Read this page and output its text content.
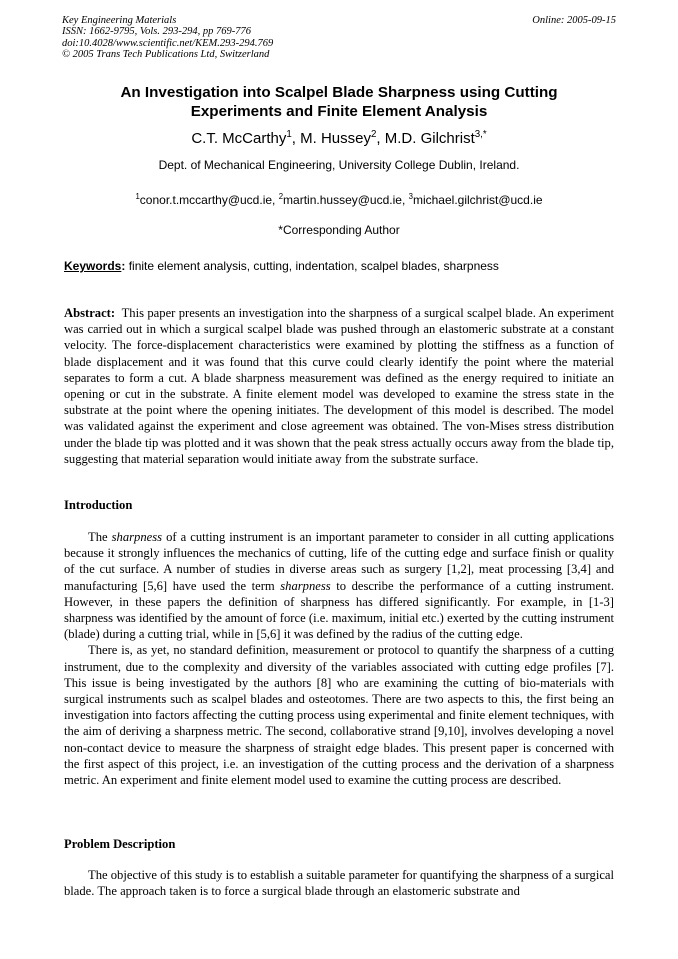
Key Engineering Materials
ISSN: 1662-9795, Vols. 293-294, pp 769-776
doi:10.4028/www.scientific.net/KEM.293-294.769
© 2005 Trans Tech Publications Ltd, Switzerland
Online: 2005-09-15
An Investigation into Scalpel Blade Sharpness using Cutting
Experiments and Finite Element Analysis
C.T. McCarthy$^1$, M. Hussey$^2$, M.D. Gilchrist$^{3,*}$
Dept. of Mechanical Engineering, University College Dublin, Ireland.
$^1$conor.t.mccarthy@ucd.ie, $^2$martin.hussey@ucd.ie, $^3$michael.gilchrist@ucd.ie
*Corresponding Author
Keywords: finite element analysis, cutting, indentation, scalpel blades, sharpness
Abstract: This paper presents an investigation into the sharpness of a surgical scalpel blade. An experiment was carried out in which a surgical scalpel blade was pushed through an elastomeric substrate at a constant velocity. The force-displacement characteristics were examined by plotting the stiffness as a function of blade displacement and it was found that this curve could clearly identify the point where the material separates to form a cut. A blade sharpness measurement was defined as the energy required to initiate an opening or cut in the substrate. A finite element model was developed to examine the stress state in the substrate at the point where the opening initiates. The development of this model is described. The model was validated against the experiment and close agreement was obtained. The von-Mises stress distribution under the blade tip was plotted and it was shown that the peak stress actually occurs away from the blade tip, suggesting that material separation would initiate away from the substrate surface.
Introduction

The sharpness of a cutting instrument is an important parameter to consider in all cutting applications because it strongly influences the mechanics of cutting, life of the cutting edge and surface finish or quality of the cut surface. A number of studies in diverse areas such as surgery [1,2], meat processing [3,4] and manufacturing [5,6] have used the term sharpness to describe the performance of a cutting instrument. However, in these papers the definition of sharpness has differed significantly. For example, in [1-3] sharpness was identified by the amount of force (i.e. maximum, initial etc.) exerted by the cutting instrument (blade) during a cutting trial, while in [5,6] it was defined by the radius of the cutting edge.

There is, as yet, no standard definition, measurement or protocol to quantify the sharpness of a cutting instrument, due to the complexity and diversity of the variables associated with cutting edge profiles [7]. This issue is being investigated by the authors [8] who are examining the cutting of bio-materials with surgical instruments such as scalpel blades and osteotomes. There are two aspects to this, the first being an investigation into factors affecting the cutting process using experimental and finite element techniques, with the aim of deriving a sharpness metric. The second, collaborative strand [9,10], involves developing a novel non-contact device to measure the sharpness of straight edge blades. This present paper is concerned with the first aspect of this project, i.e. an investigation of the cutting process and the derivation of a sharpness metric. An experiment and finite element model used to examine the cutting process are described.

Problem Description

The objective of this study is to establish a suitable parameter for quantifying the sharpness of a surgical blade. The approach taken is to force a surgical blade through an elastomeric substrate and
